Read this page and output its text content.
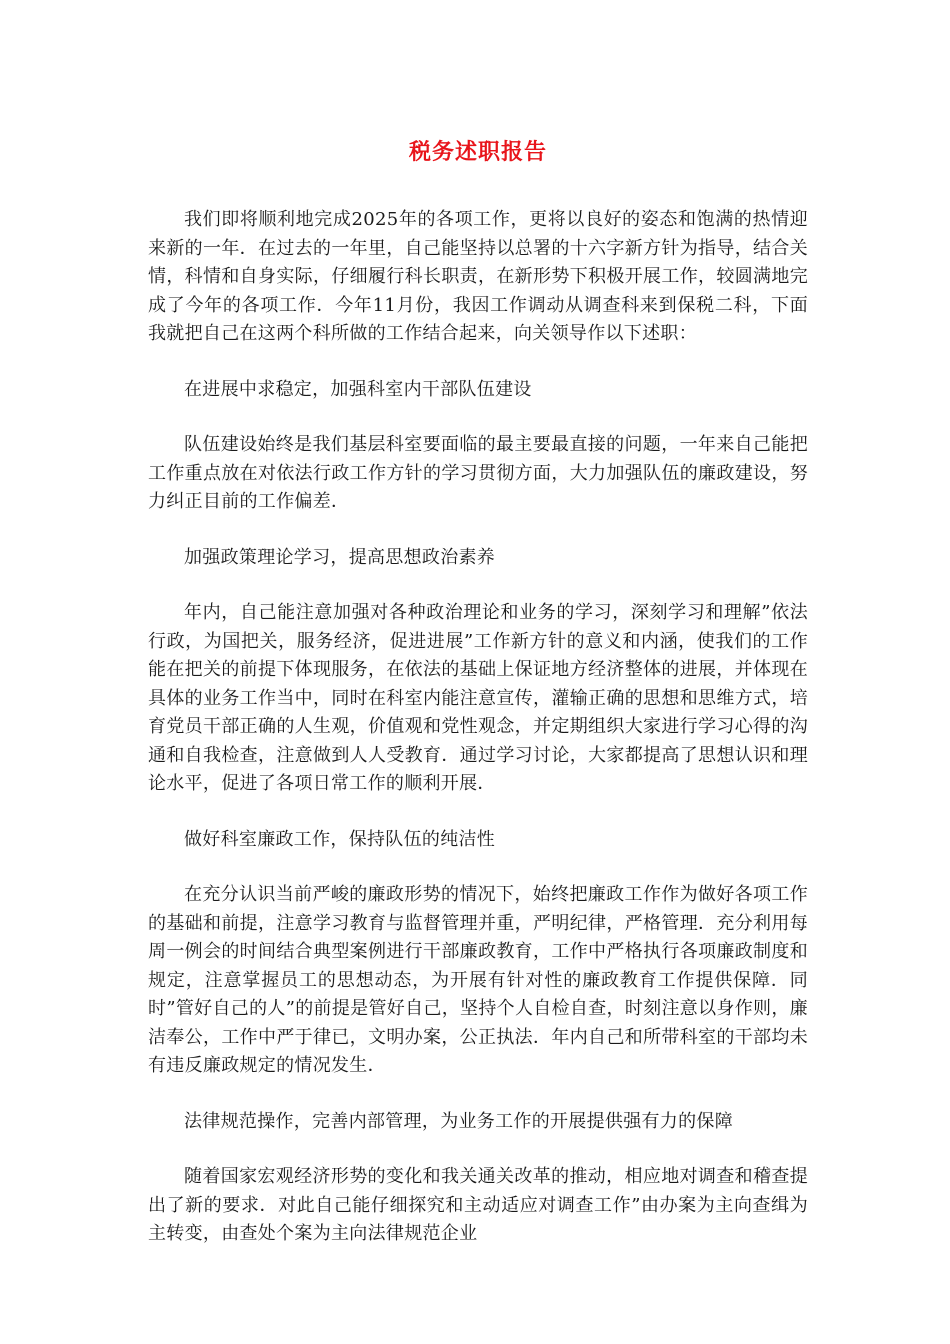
税务述职报告

我们即将顺利地完成2025年的各项工作，更将以良好的姿态和饱满的热情迎来新的一年．在过去的一年里，自己能坚持以总署的十六字新方针为指导，结合关情，科情和自身实际，仔细履行科长职责，在新形势下积极开展工作，较圆满地完成了今年的各项工作．今年11月份，我因工作调动从调查科来到保税二科，下面我就把自己在这两个科所做的工作结合起来，向关领导作以下述职：

在进展中求稳定，加强科室内干部队伍建设

队伍建设始终是我们基层科室要面临的最主要最直接的问题，一年来自己能把工作重点放在对依法行政工作方针的学习贯彻方面，大力加强队伍的廉政建设，努力纠正目前的工作偏差．

加强政策理论学习，提高思想政治素养

年内，自己能注意加强对各种政治理论和业务的学习，深刻学习和理解”依法行政，为国把关，服务经济，促进进展”工作新方针的意义和内涵，使我们的工作能在把关的前提下体现服务，在依法的基础上保证地方经济整体的进展，并体现在具体的业务工作当中，同时在科室内能注意宣传，灌输正确的思想和思维方式，培育党员干部正确的人生观，价值观和党性观念，并定期组织大家进行学习心得的沟通和自我检查，注意做到人人受教育．通过学习讨论，大家都提高了思想认识和理论水平，促进了各项日常工作的顺利开展．

做好科室廉政工作，保持队伍的纯洁性

在充分认识当前严峻的廉政形势的情况下，始终把廉政工作作为做好各项工作的基础和前提，注意学习教育与监督管理并重，严明纪律，严格管理．充分利用每周一例会的时间结合典型案例进行干部廉政教育，工作中严格执行各项廉政制度和规定，注意掌握员工的思想动态，为开展有针对性的廉政教育工作提供保障．同时”管好自己的人”的前提是管好自己，坚持个人自检自查，时刻注意以身作则，廉洁奉公，工作中严于律已，文明办案，公正执法．年内自己和所带科室的干部均未有违反廉政规定的情况发生．

法律规范操作，完善内部管理，为业务工作的开展提供强有力的保障

随着国家宏观经济形势的变化和我关通关改革的推动，相应地对调查和稽查提出了新的要求．对此自己能仔细探究和主动适应对调查工作”由办案为主向查缉为主转变，由查处个案为主向法律规范企业
